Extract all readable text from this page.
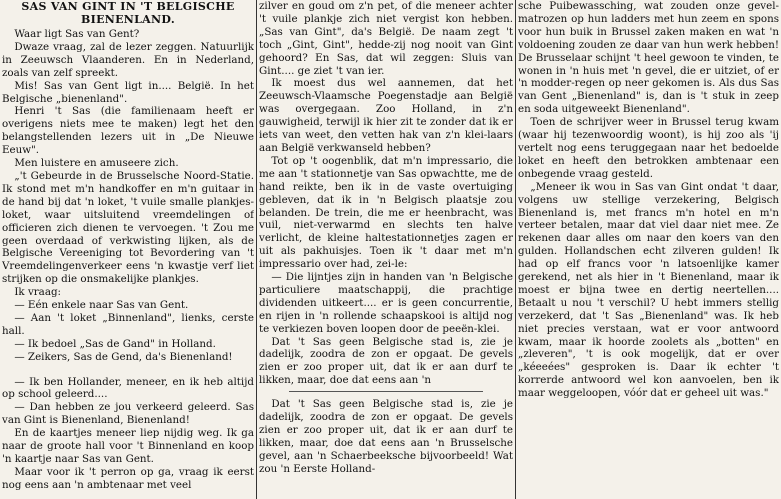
SAS VAN GINT IN 'T BELGISCHE
BIENENLAND.

Waar ligt Sas van Gent?

Dwaze vraag, zal de lezer zeggen. Natuurlijk in Zeeuwsch Vlaanderen. En in Nederland, zoals van zelf spreekt.

Mis! Sas van Gent ligt in.... België. In het Belgische „bienenland".

Henri 't Sas (die familienaam heeft er overigens niets mee te maken) legt het den belangstellenden lezers uit in „De Nieuwe Eeuw".

Men luistere en amuseere zich.

„'t Gebeurde in de Brusselsche Noord-Statie. Ik stond met m'n handkoffer en m'n guitaar in de hand bij dat 'n loket, 't vuile smalle plankjes-loket, waar uitsluitend vreemdelingen of officieren zich dienen te vervoegen. 't Zou me geen overdaad of verkwisting lijken, als de Belgische Vereeniging tot Bevordering van 't Vreemdelingenverkeer eens 'n kwastje verf liet strijken op die onsmakelijke plankjes.

Ik vraag:

— Eén enkele naar Sas van Gent.

— Aan 't loket „Binnenland", lienks, cerste hall.

— Ik bedoel „Sas de Gand" in Holland.

— Zeikers, Sas de Gend, da's Bienenland!

— Ik ben Hollander, meneer, en ik heb altijd op school geleerd....

— Dan hebben ze jou verkeerd geleerd. Sas van Gint is Bienenland, Bienenland!

En de kaartjes meneer liep nijdig weg. Ik ga naar de groote hall voor 't Binnenland en koop 'n kaartje naar Sas van Gent.

Maar voor ik 't perron op ga, vraag ik eerst nog eens aan 'n ambtenaar met veel

zilver en goud om z'n pet, of die meneer achter 't vuile plankje zich niet vergist kon hebben. „Sas van Gint", da's België. De naam zegt 't toch „Gint, Gint", hedde-zij nog nooit van Gint gehoord? En Sas, dat wil zeggen: Sluis van Gint.... ge ziet 't van ier.

Ik moest dus wel aannemen, dat het Zeeuwsch-Vlaamsche Poegenstadje aan België was overgegaan. Zoo Holland, in z'n gauwigheid, terwijl ik hier zit te zonder dat ik er iets van weet, den vetten hak van z'n klei-laars aan België verkwanseld hebben?

Tot op 't oogenblik, dat m'n impressario, die me aan 't stationnetje van Sas opwachtte, me de hand reikte, ben ik in de vaste overtuiging gebleven, dat ik in 'n Belgisch plaatsje zou belanden. De trein, die me er heenbracht, was vuil, niet-verwarmd en slechts ten halve verlicht, de kleine haltestationnetjes zagen er uit als pakhuisjes. Toen ik 't daar met m'n impressario over had, zei-le:

— Die lijntjes zijn in handen van 'n Belgische particuliere maatschappij, die prachtige dividenden uitkeert.... er is geen concurrentie, en rijen in 'n rollende schaapskooi is altijd nog te verkiezen boven loopen door de peeën-klei.

Dat 't Sas geen Belgische stad is, zie je dadelijk, zoodra de zon er opgaat. De gevels zien er zoo proper uit, dat ik er aan durf te likken, maar, doe dat eens aan 'n

Dat 't Sas geen Belgische stad is, zie je dadelijk, zoodra de zon er opgaat. De gevels zien er zoo proper uit, dat ik er aan durf te likken, maar, doe dat eens aan 'n Brusselsche gevel, aan 'n Schaerbeeksche bijvoorbeeld! Wat zou 'n Eerste Holland-

sche Puibewassching, wat zouden onze gevel-matrozen op hun ladders met hun zeem en spons voor hun buik in Brussel zaken maken en wat 'n voldoening zouden ze daar van hun werk hebben! De Brusselaar schijnt 't heel gewoon te vinden, te wonen in 'n huis met 'n gevel, die er uitziet, of er 'n modder-regen op neer gekomen is. Als dus Sas van Gent „Bienenland" is, dan is 't stuk in zeep en soda uitgeweekt Bienenland".

Toen de schrijver weer in Brussel terug kwam (waar hij tezenwoordig woont), is hij zoo als 'ij vertelt nog eens teruggegaan naar het bedoelde loket en heeft den betrokken ambtenaar een onbegende vraag gesteld.

„Meneer ik wou in Sas van Gint ondat 't daar, volgens uw stellige verzekering, Belgisch Bienenland is, met francs m'n hotel en m'n verteer betalen, maar dat viel daar niet mee. Ze rekenen daar alles om naar den koers van den gulden. Hollandschen echt zilveren gulden! Ik had op elf francs voor 'n latsoenlijke kamer gerekend, net als hier in 't Bienenland, maar ik moest er bijna twee en dertig neertellen.... Betaalt u nou 't verschil? U hebt immers stellig verzekerd, dat 't Sas „Bienenland" was. Ik heb niet precies verstaan, wat er voor antwoord kwam, maar ik hoorde zoolets als „botten" en „zleveren", 't is ook mogelijk, dat er over „kéeeées" gesproken is. Daar ik echter 't korrerde antwoord wel kon aanvoelen, ben ik maar weggeloopen, vóór dat er geheel uit was."
